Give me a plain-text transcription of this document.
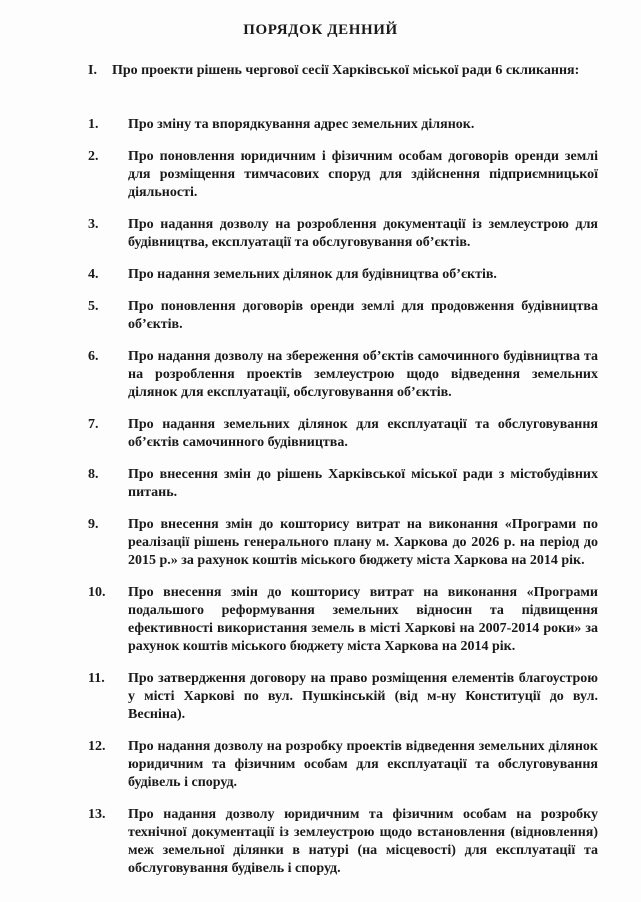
ПОРЯДОК ДЕННИЙ
I.	Про проекти рішень чергової сесії Харківської міської ради 6 скликання:
1.	Про зміну та впорядкування адрес земельних ділянок.
2.	Про поновлення юридичним і фізичним особам договорів оренди землі для розміщення тимчасових споруд для здійснення підприємницької діяльності.
3.	Про надання дозволу на розроблення документації із землеустрою для будівництва, експлуатації та обслуговування об’єктів.
4.	Про надання земельних ділянок для будівництва об’єктів.
5.	Про поновлення договорів оренди землі для продовження будівництва об’єктів.
6.	Про надання дозволу на збереження об’єктів самочинного будівництва та на розроблення проектів землеустрою щодо відведення земельних ділянок для експлуатації, обслуговування об’єктів.
7.	Про надання земельних ділянок для експлуатації та обслуговування об’єктів самочинного будівництва.
8.	Про внесення змін до рішень Харківської міської ради з містобудівних питань.
9.	Про внесення змін до кошторису витрат на виконання «Програми по реалізації рішень генерального плану м. Харкова до 2026 р. на період до 2015 р.» за рахунок коштів міського бюджету міста Харкова на 2014 рік.
10.	Про внесення змін до кошторису витрат на виконання «Програми подальшого реформування земельних відносин та підвищення ефективності використання земель в місті Харкові на 2007-2014 роки» за рахунок коштів міського бюджету міста Харкова на 2014 рік.
11.	Про затвердження договору на право розміщення елементів благоустрою у місті Харкові по вул. Пушкінській (від м-ну Конституції до вул. Весніна).
12.	Про надання дозволу на розробку проектів відведення земельних ділянок юридичним та фізичним особам для експлуатації та обслуговування будівель і споруд.
13.	Про надання дозволу юридичним та фізичним особам на розробку технічної документації із землеустрою щодо встановлення (відновлення) меж земельної ділянки в натурі (на місцевості) для експлуатації та обслуговування будівель і споруд.
